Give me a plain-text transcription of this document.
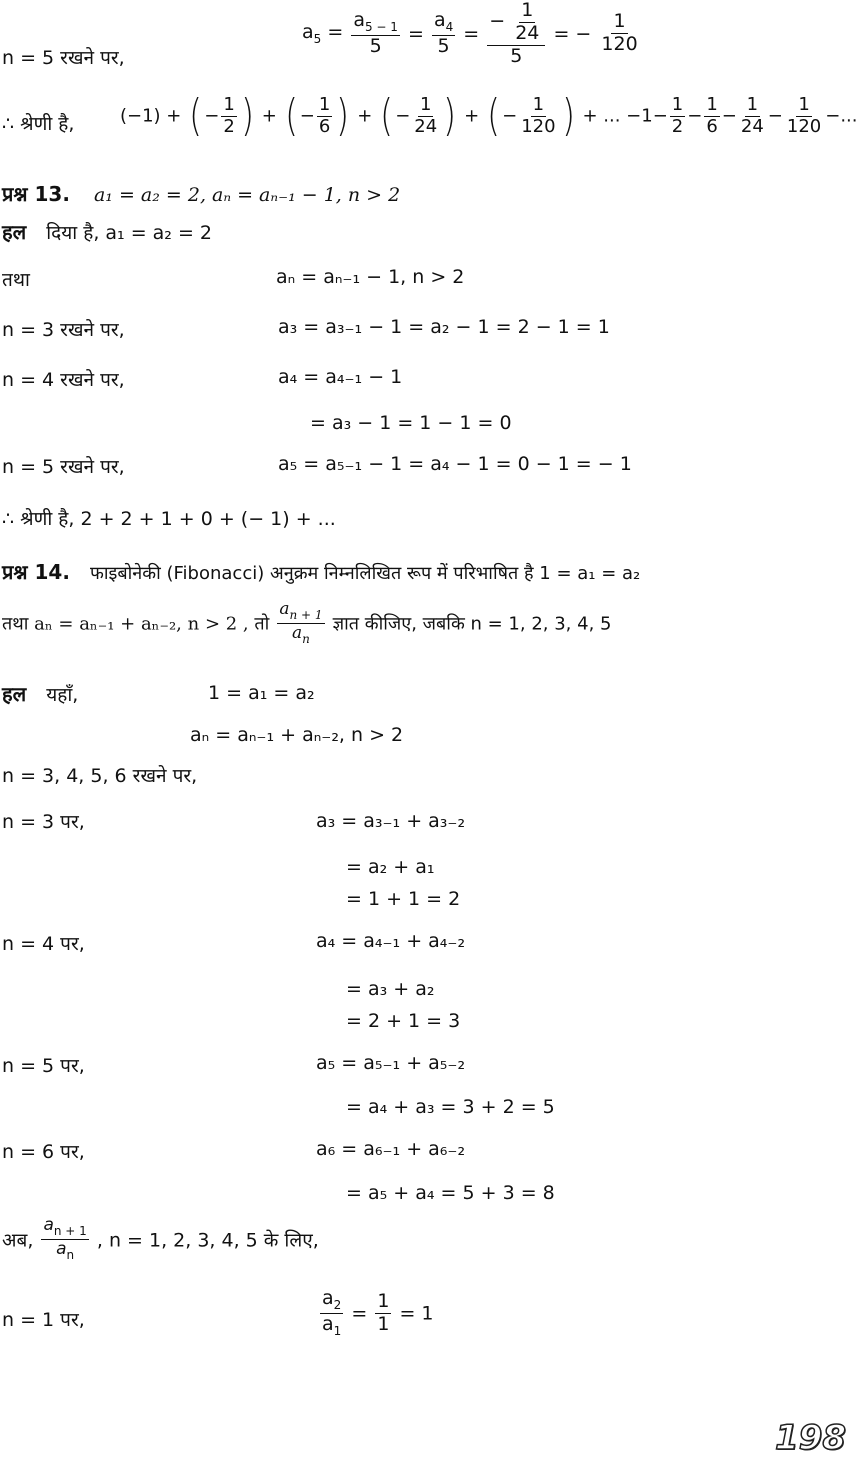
n = 5 रखने पर,
$a_5 = \frac{a_{5 - 1}}{5} = \frac{a_4}{5} = \frac{- \frac{1}{24}}{5}$ = − $\frac{1}{120}$
∴ श्रेणी है,	(−1) + ( − $\frac{1}{2}$ ) + ( − $\frac{1}{6}$ ) + ( − $\frac{1}{24}$ ) + ( − $\frac{1}{120}$ ) + ... $-1- \frac{1}{2} - \frac{1}{6} - \frac{1}{24} - \frac{1}{120}$ −...
प्रश्न 13. a₁ = a₂ = 2, aₙ = aₙ₋₁ − 1, n > 2
हल दिया है, a₁ = a₂ = 2
तथा	aₙ = aₙ₋₁ − 1, n > 2
n = 3 रखने पर,	a₃ = a₃₋₁ − 1 = a₂ − 1 = 2 − 1 = 1
n = 4 रखने पर,	a₄ = a₄₋₁ − 1
= a₃ − 1 = 1 − 1 = 0
n = 5 रखने पर,	a₅ = a₅₋₁ − 1 = a₄ − 1 = 0 − 1 = − 1
∴ श्रेणी है, 2 + 2 + 1 + 0 + (− 1) + ...
प्रश्न 14. फाइबोनेकी (Fibonacci) अनुक्रम निम्नलिखित रूप में परिभाषित है 1 = a₁ = a₂
तथा aₙ = aₙ₋₁ + aₙ₋₂, n > 2 , तो $\frac{a_{n + 1}}{a_n}$ ज्ञात कीजिए, जबकि n = 1, 2, 3, 4, 5
हल यहाँ,	1 = a₁ = a₂
aₙ = aₙ₋₁ + aₙ₋₂, n > 2
n = 3, 4, 5, 6 रखने पर,
n = 3 पर,	a₃ = a₃₋₁ + a₃₋₂
= a₂ + a₁
= 1 + 1 = 2
n = 4 पर,	a₄ = a₄₋₁ + a₄₋₂
= a₃ + a₂
= 2 + 1 = 3
n = 5 पर,	a₅ = a₅₋₁ + a₅₋₂
= a₄ + a₃ = 3 + 2 = 5
n = 6 पर,	a₆ = a₆₋₁ + a₆₋₂
= a₅ + a₄ = 5 + 3 = 8
अब, $\frac{a_{n + 1}}{a_n}$ , n = 1, 2, 3, 4, 5 के लिए,
n = 1 पर,	$\frac{a_2}{a_1} = \frac{1}{1} = 1$
198
